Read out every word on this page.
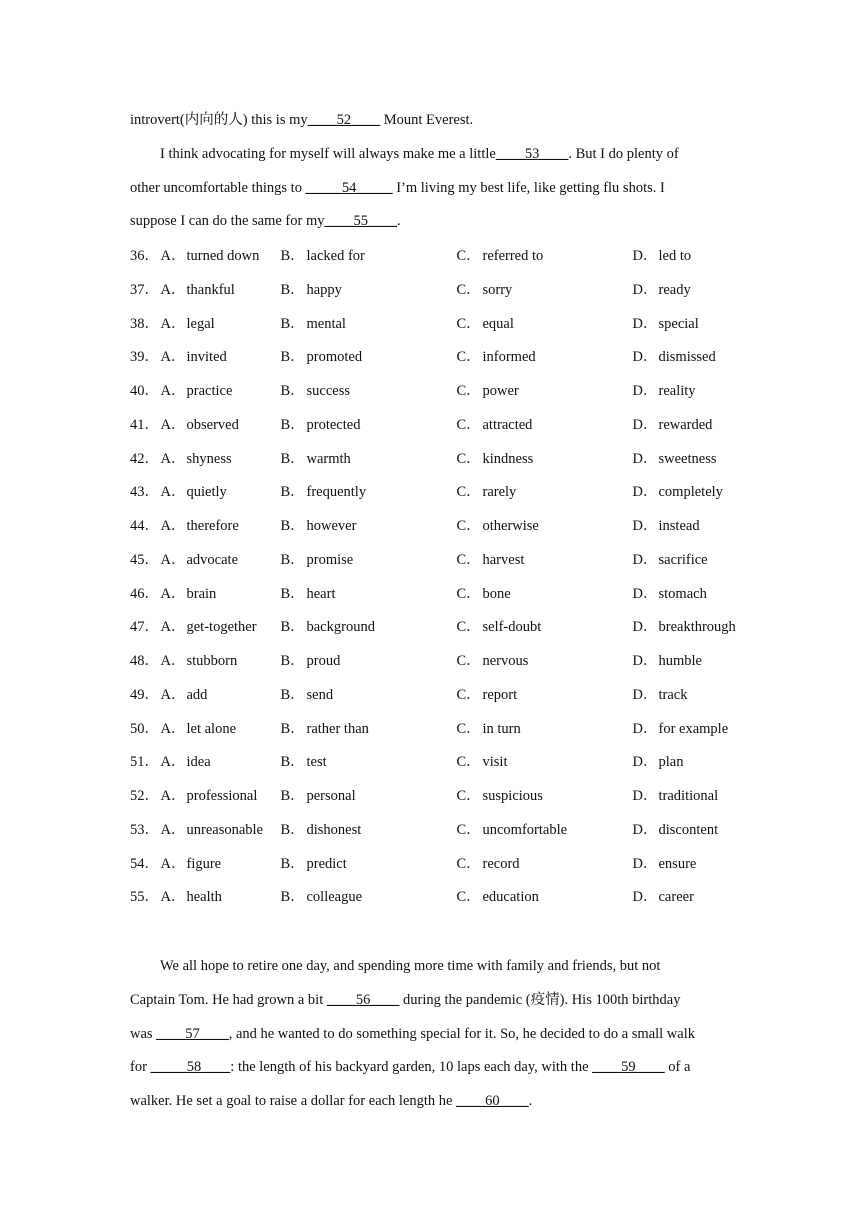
introvert(内向的人) this is my____52____ Mount Everest.
I think advocating for myself will always make me a little____53____. But I do plenty of
other uncomfortable things to _____54_____ I’m living my best life, like getting flu shots. I
suppose I can do the same for my____55____.
36 ． A． turned down	B． lacked for	C． referred to	D． led to
37 ． A． thankful	B． happy	C． sorry	D． ready
38 ． A． legal	B． mental	C． equal	D． special
39 ． A． invited	B． promoted	C． informed	D． dismissed
40 ． A． practice	B． success	C． power	D． reality
41 ． A． observed	B． protected	C． attracted	D． rewarded
42 ． A． shyness	B． warmth	C． kindness	D． sweetness
43 ． A． quietly	B． frequently	C． rarely	D． completely
44 ． A． therefore	B． however	C． otherwise	D． instead
45 ． A． advocate	B． promise	C． harvest	D． sacrifice
46 ． A． brain	B． heart	C． bone	D． stomach
47 ． A． get-together	B． background	C． self-doubt	D． breakthrough
48 ． A． stubborn	B． proud	C． nervous	D． humble
49 ． A． add	B． send	C． report	D． track
50 ． A． let alone	B． rather than	C． in turn	D． for example
51 ． A． idea	B． test	C． visit	D． plan
52 ． A． professional	B． personal	C． suspicious	D． traditional
53 ． A． unreasonable	B． dishonest	C． uncomfortable	D． discontent
54 ． A． figure	B． predict	C． record	D． ensure
55 ． A． health	B． colleague	C． education	D． career
We all hope to retire one day, and spending more time with family and friends, but not
Captain Tom. He had grown a bit ____56____ during the pandemic (疫情). His 100th birthday
was ____57____, and he wanted to do something special for it. So, he decided to do a small walk
for _____58____: the length of his backyard garden, 10 laps each day, with the ____59____ of a
walker. He set a goal to raise a dollar for each length he ____60____.
